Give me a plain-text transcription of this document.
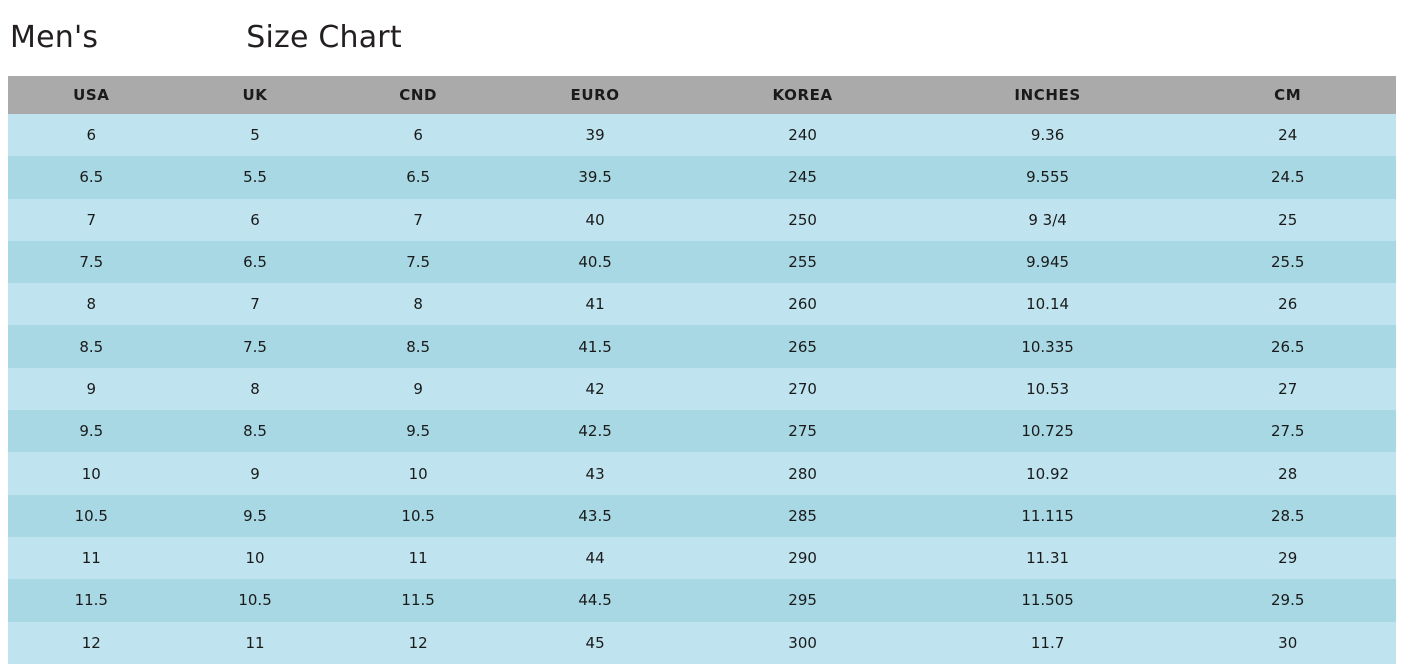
Men's	Size Chart
USA	UK	CND	EURO	KOREA	INCHES	CM
6	5	6	39	240	9.36	24
6.5	5.5	6.5	39.5	245	9.555	24.5
7	6	7	40	250	9 3/4	25
7.5	6.5	7.5	40.5	255	9.945	25.5
8	7	8	41	260	10.14	26
8.5	7.5	8.5	41.5	265	10.335	26.5
9	8	9	42	270	10.53	27
9.5	8.5	9.5	42.5	275	10.725	27.5
10	9	10	43	280	10.92	28
10.5	9.5	10.5	43.5	285	11.115	28.5
11	10	11	44	290	11.31	29
11.5	10.5	11.5	44.5	295	11.505	29.5
12	11	12	45	300	11.7	30
